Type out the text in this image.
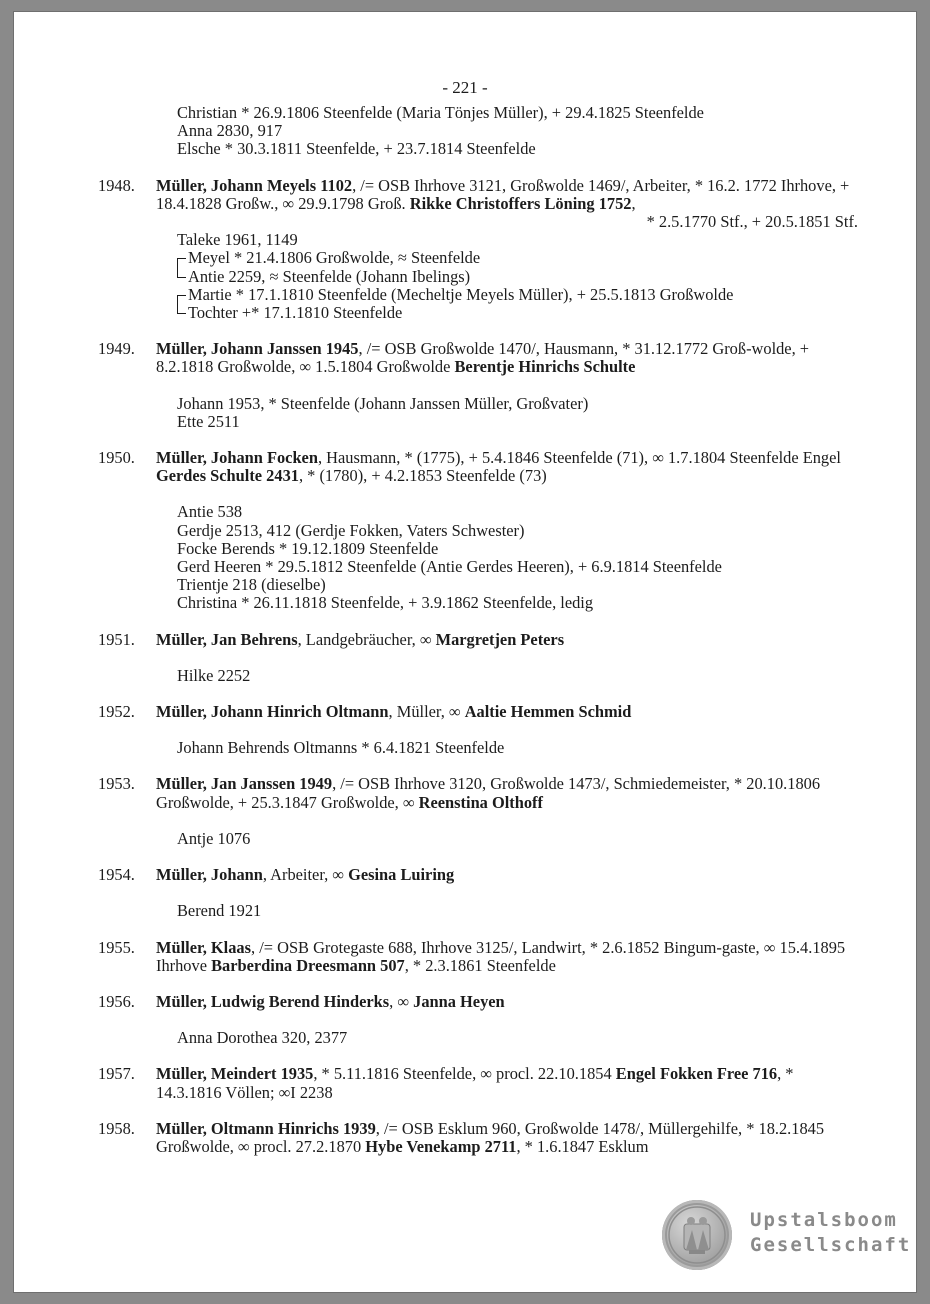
- 221 -
Christian * 26.9.1806 Steenfelde (Maria Tönjes Müller), + 29.4.1825 Steenfelde
Anna 2830, 917
Elsche * 30.3.1811 Steenfelde, + 23.7.1814 Steenfelde
1948.	Müller, Johann Meyels 1102, /= OSB Ihrhove 3121, Großwolde 1469/, Arbeiter, * 16.2. 1772 Ihrhove, + 18.4.1828 Großw., ∞ 29.9.1798 Groß. Rikke Christoffers Löning 1752,
* 2.5.1770 Stf., + 20.5.1851 Stf.
Taleke 1961, 1149
Meyel * 21.4.1806 Großwolde, ≈ Steenfelde
Antie 2259, ≈ Steenfelde (Johann Ibelings)
Martie * 17.1.1810 Steenfelde (Mecheltje Meyels Müller), + 25.5.1813 Großwolde
Tochter +* 17.1.1810 Steenfelde
1949.	Müller, Johann Janssen 1945, /= OSB Großwolde 1470/, Hausmann, * 31.12.1772 Groß-wolde, + 8.2.1818 Großwolde, ∞ 1.5.1804 Großwolde Berentje Hinrichs Schulte
Johann 1953, * Steenfelde (Johann Janssen Müller, Großvater)
Ette 2511
1950.	Müller, Johann Focken, Hausmann, * (1775), + 5.4.1846 Steenfelde (71), ∞ 1.7.1804 Steenfelde Engel Gerdes Schulte 2431, * (1780), + 4.2.1853 Steenfelde (73)
Antie 538
Gerdje 2513, 412 (Gerdje Fokken, Vaters Schwester)
Focke Berends * 19.12.1809 Steenfelde
Gerd Heeren * 29.5.1812 Steenfelde (Antie Gerdes Heeren), + 6.9.1814 Steenfelde
Trientje 218 (dieselbe)
Christina * 26.11.1818 Steenfelde, + 3.9.1862 Steenfelde, ledig
1951.	Müller, Jan Behrens, Landgebräucher, ∞ Margretjen Peters
Hilke 2252
1952.	Müller, Johann Hinrich Oltmann, Müller, ∞ Aaltie Hemmen Schmid
Johann Behrends Oltmanns * 6.4.1821 Steenfelde
1953.	Müller, Jan Janssen 1949, /= OSB Ihrhove 3120, Großwolde 1473/, Schmiedemeister, * 20.10.1806 Großwolde, + 25.3.1847 Großwolde, ∞ Reenstina Olthoff
Antje 1076
1954.	Müller, Johann, Arbeiter, ∞ Gesina Luiring
Berend 1921
1955.	Müller, Klaas, /= OSB Grotegaste 688, Ihrhove 3125/, Landwirt, * 2.6.1852 Bingum-gaste, ∞ 15.4.1895 Ihrhove Barberdina Dreesmann 507, * 2.3.1861 Steenfelde
1956.	Müller, Ludwig Berend Hinderks, ∞ Janna Heyen
Anna Dorothea 320, 2377
1957.	Müller, Meindert 1935, * 5.11.1816 Steenfelde, ∞ procl. 22.10.1854 Engel Fokken Free 716, * 14.3.1816 Völlen; ∞I 2238
1958.	Müller, Oltmann Hinrichs 1939, /= OSB Esklum 960, Großwolde 1478/, Müllergehilfe, * 18.2.1845 Großwolde, ∞ procl. 27.2.1870 Hybe Venekamp 2711, * 1.6.1847 Esklum
Upstalsboom
Gesellschaft
